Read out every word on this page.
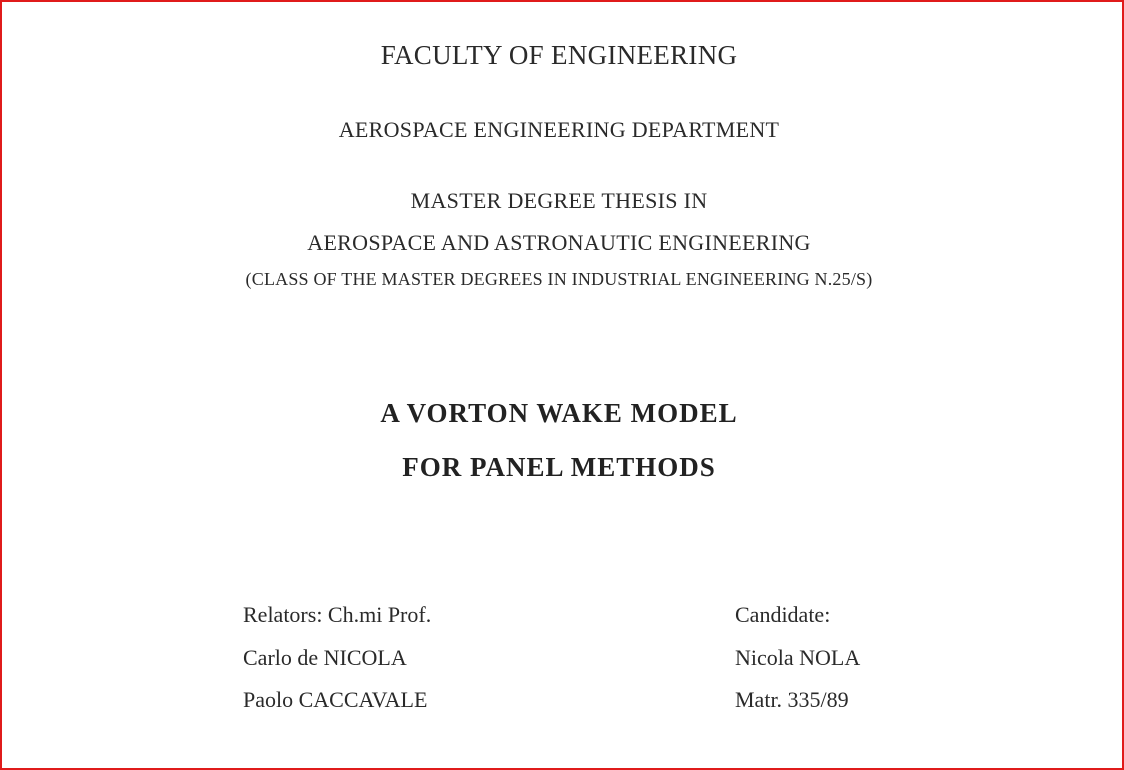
FACULTY OF ENGINEERING
AEROSPACE ENGINEERING DEPARTMENT
MASTER DEGREE THESIS IN
AEROSPACE AND ASTRONAUTIC ENGINEERING
(CLASS OF THE MASTER DEGREES IN INDUSTRIAL ENGINEERING N.25/S)
A VORTON WAKE MODEL
FOR PANEL METHODS
Relators: Ch.mi Prof.
Carlo de NICOLA
Paolo CACCAVALE
Candidate:
Nicola NOLA
Matr. 335/89
